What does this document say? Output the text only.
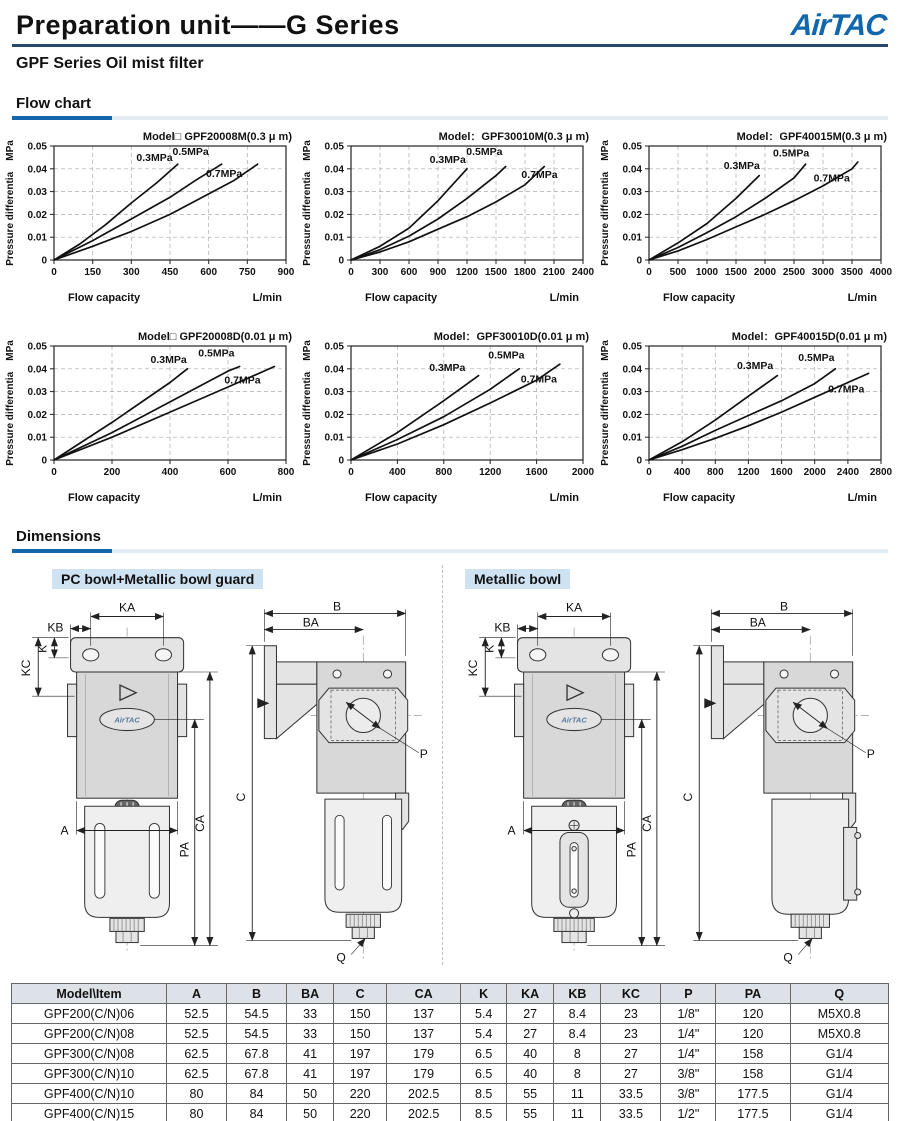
Preparation unit——G Series	AirTAC
GPF Series Oil mist filter
Flow chart
0	150 300 450 600 750 900
0
0.01
0.02
0.03
0.04
0.05
0.3MPa 0.5MPa
0.7MPa
Model□ GPF20008M(0.3 μ m)
Pressure differentia    MPa
Flow capacity	L/min
0 300 600 900 1200 1500 1800 2100 2400
0
0.01
0.02
0.03
0.04
0.05
0.3MPa
0.5MPa
0.7MPa
Model：GPF30010M(0.3 μ m)
Pressure differentia    MPa
Flow capacity	L/min
0 500 1000 1500 2000 2500 3000 3500 4000
0
0.01
0.02
0.03
0.04
0.05
0.3MPa
0.5MPa
0.7MPa
Model：GPF40015M(0.3 μ m)
Pressure differentia    MPa
Flow capacity	L/min
0	200	400	600	800
0
0.01
0.02
0.03
0.04
0.05
0.3MPa
0.5MPa
0.7MPa
Model□ GPF20008D(0.01 μ m)
Pressure differentia    MPa
Flow capacity	L/min
0	400	800	1200 1600 2000
0
0.01
0.02
0.03
0.04
0.05
0.3MPa
0.5MPa
0.7MPa
Model：GPF30010D(0.01 μ m)
Pressure differentia    MPa
Flow capacity	L/min
0 400 800 1200 1600 2000 2400 2800
0
0.01
0.02
0.03
0.04
0.05
0.3MPa
0.5MPa
0.7MPa
Model：GPF40015D(0.01 μ m)
Pressure differentia    MPa
Flow capacity	L/min
Dimensions
PC bowl+Metallic bowl guard
AirTAC
KA
KB
K
KC
A
PA
CA
B
BA
P
C
Q
Metallic bowl
AirTAC
KA
KB
K
KC
A
PA
CA
B
BA
P
C
Q
Model\Item	A	B	BA	C	CA	K	KA	KB	KC	P	PA	Q
GPF200(C/N)06	52.5	54.5	33	150	137	5.4	27	8.4	23	1/8"	120	M5X0.8
GPF200(C/N)08	52.5	54.5	33	150	137	5.4	27	8.4	23	1/4"	120	M5X0.8
GPF300(C/N)08	62.5	67.8	41	197	179	6.5	40	8	27	1/4"	158	G1/4
GPF300(C/N)10	62.5	67.8	41	197	179	6.5	40	8	27	3/8"	158	G1/4
GPF400(C/N)10	80	84	50	220	202.5	8.5	55	11	33.5	3/8"	177.5	G1/4
GPF400(C/N)15	80	84	50	220	202.5	8.5	55	11	33.5	1/2"	177.5	G1/4
